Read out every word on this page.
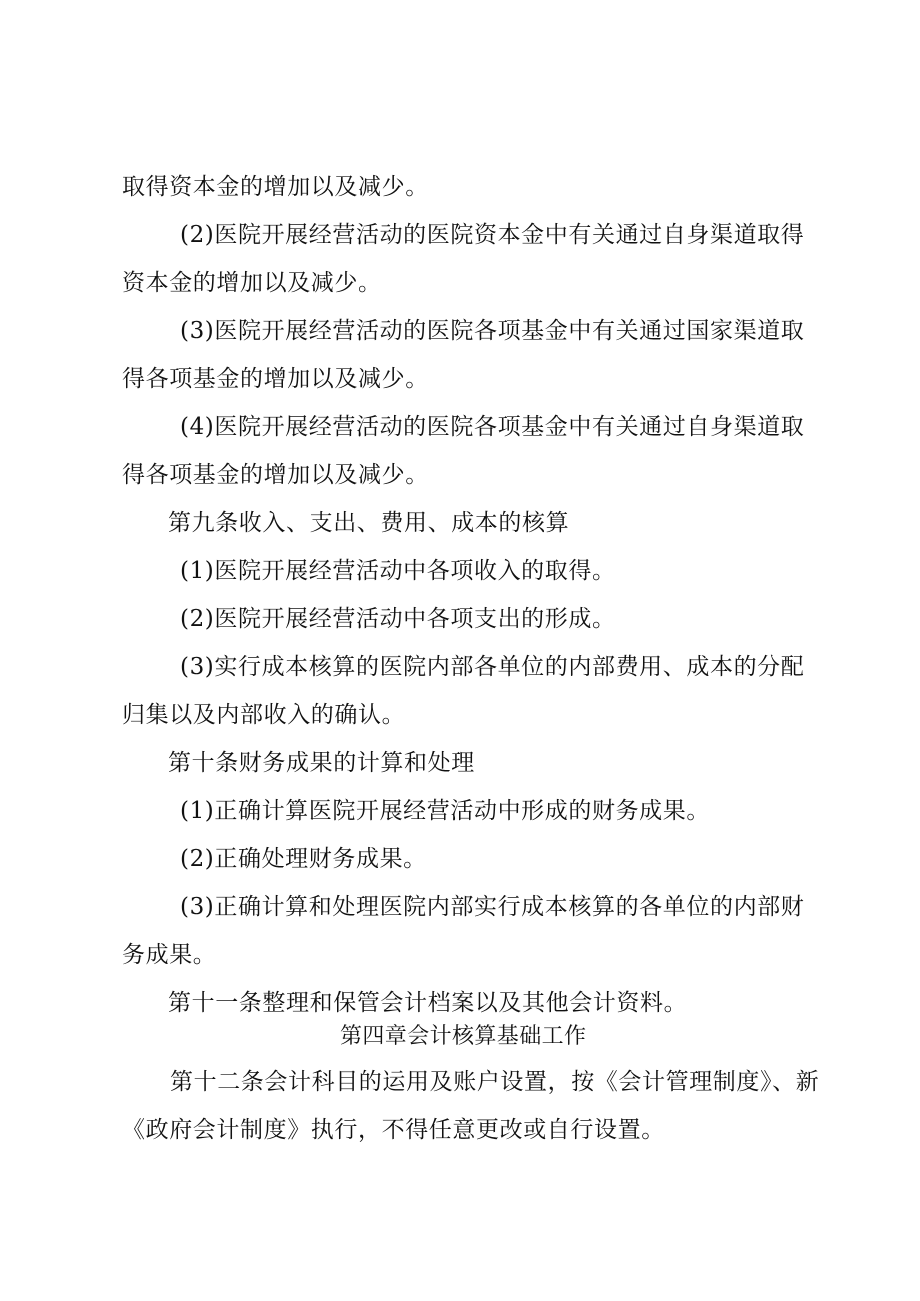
取得资本金的增加以及减少。

(2)医院开展经营活动的医院资本金中有关通过自身渠道取得

资本金的增加以及减少。

(3)医院开展经营活动的医院各项基金中有关通过国家渠道取

得各项基金的增加以及减少。

(4)医院开展经营活动的医院各项基金中有关通过自身渠道取

得各项基金的增加以及减少。

第九条收入、支出、费用、成本的核算

(1)医院开展经营活动中各项收入的取得。

(2)医院开展经营活动中各项支出的形成。

(3)实行成本核算的医院内部各单位的内部费用、成本的分配

归集以及内部收入的确认。

第十条财务成果的计算和处理

(1)正确计算医院开展经营活动中形成的财务成果。

(2)正确处理财务成果。

(3)正确计算和处理医院内部实行成本核算的各单位的内部财

务成果。

第十一条整理和保管会计档案以及其他会计资料。

第四章会计核算基础工作

第十二条会计科目的运用及账户设置，按《会计管理制度》、新

《政府会计制度》执行，不得任意更改或自行设置。
